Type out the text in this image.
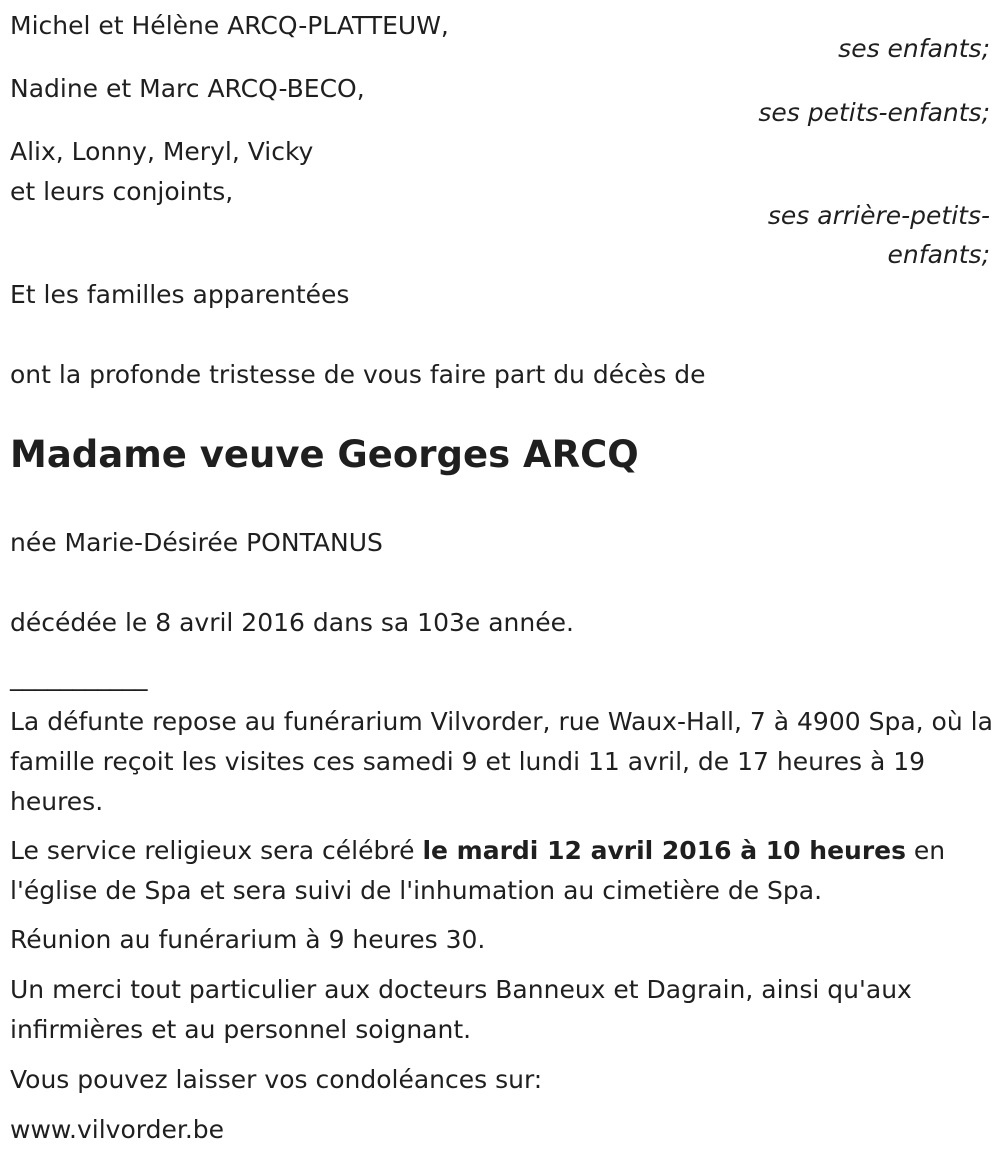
Michel et Hélène ARCQ-PLATTEUW,
ses enfants;
Nadine et Marc ARCQ-BECO,
ses petits-enfants;
Alix, Lonny, Meryl, Vicky
et leurs conjoints,
ses arrière-petits-
enfants;
Et les familles apparentées
ont la profonde tristesse de vous faire part du décès de
Madame veuve Georges ARCQ
née Marie-Désirée PONTANUS
décédée le 8 avril 2016 dans sa 103e année.
___________
La défunte repose au funérarium Vilvorder, rue Waux-Hall, 7 à 4900 Spa, où la famille reçoit les visites ces samedi 9 et lundi 11 avril, de 17 heures à 19 heures.
Le service religieux sera célébré le mardi 12 avril 2016 à 10 heures en l'église de Spa et sera suivi de l'inhumation au cimetière de Spa.
Réunion au funérarium à 9 heures 30.
Un merci tout particulier aux docteurs Banneux et Dagrain, ainsi qu'aux infirmières et au personnel soignant.
Vous pouvez laisser vos condoléances sur:
www.vilvorder.be
